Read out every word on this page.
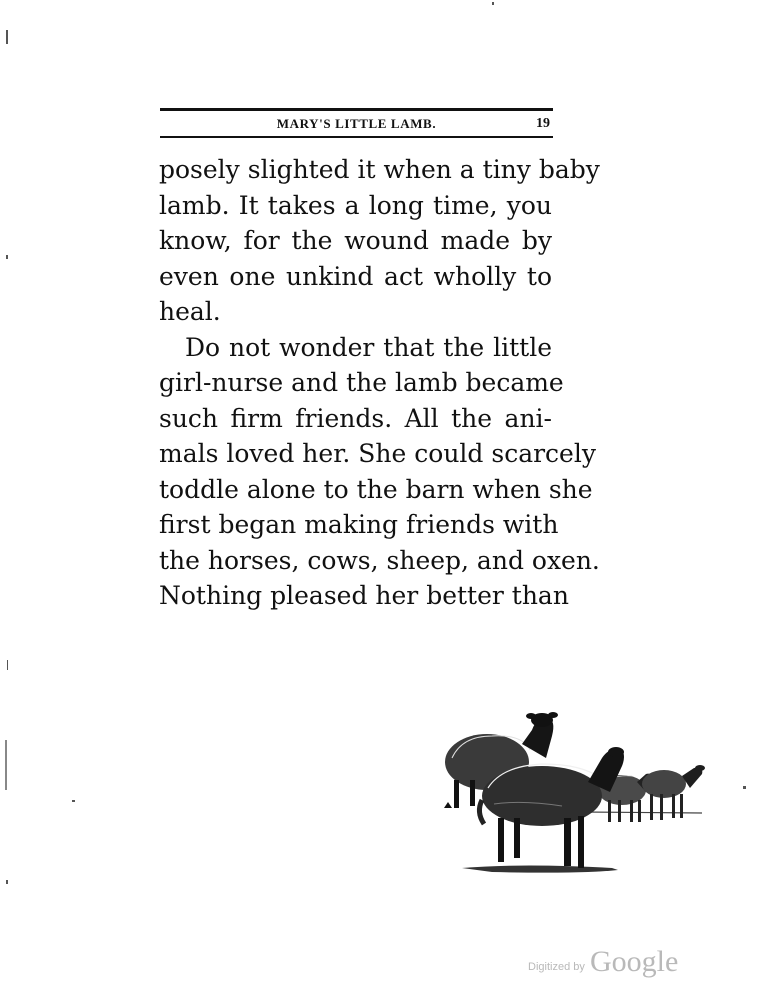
MARY'S LITTLE LAMB.	19
posely slighted it when a tiny baby
lamb. It takes a long time, you
know, for the wound made by
even one unkind act wholly to
heal.
Do not wonder that the little
girl-nurse and the lamb became
such firm friends. All the ani-
mals loved her. She could scarcely
toddle alone to the barn when she
first began making friends with
the horses, cows, sheep, and oxen.
Nothing pleased her better than
Digitized by Google
